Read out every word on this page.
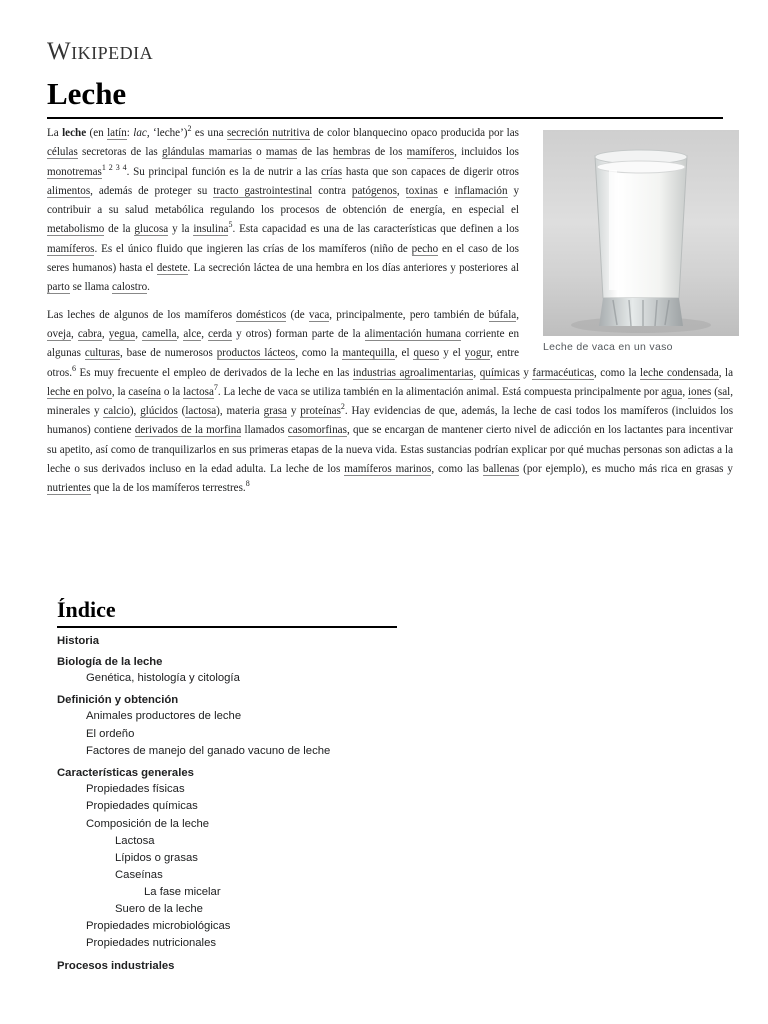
Wikipedia
Leche
Leche de vaca en un vaso

La leche (en latín: lac, ‘leche’)$^2$ es una secreción nutritiva de color blanquecino opaco producida por las células secretoras de las glándulas mamarias o mamas de las hembras de los mamíferos, incluidos los monotremas$^{1 2 3 4}$. Su principal función es la de nutrir a las crías hasta que son capaces de digerir otros alimentos, además de proteger su tracto gastrointestinal contra patógenos, toxinas e inflamación y contribuir a su salud metabólica regulando los procesos de obtención de energía, en especial el metabolismo de la glucosa y la insulina$^5$. Esta capacidad es una de las características que definen a los mamíferos. Es el único fluido que ingieren las crías de los mamíferos (niño de pecho en el caso de los seres humanos) hasta el destete. La secreción láctea de una hembra en los días anteriores y posteriores al parto se llama calostro.

Las leches de algunos de los mamíferos domésticos (de vaca, principalmente, pero también de búfala, oveja, cabra, yegua, camella, alce, cerda y otros) forman parte de la alimentación humana corriente en algunas culturas, base de numerosos productos lácteos, como la mantequilla, el queso y el yogur, entre otros.$^6$ Es muy frecuente el empleo de derivados de la leche en las industrias agroalimentarias, químicas y farmacéuticas, como la leche condensada, la leche en polvo, la caseína o la lactosa$^7$. La leche de vaca se utiliza también en la alimentación animal. Está compuesta principalmente por agua, iones (sal, minerales y calcio), glúcidos (lactosa), materia grasa y proteínas$^2$. Hay evidencias de que, además, la leche de casi todos los mamíferos (incluidos los humanos) contiene derivados de la morfina llamados casomorfinas, que se encargan de mantener cierto nivel de adicción en los lactantes para incentivar su apetito, así como de tranquilizarlos en sus primeras etapas de la nueva vida. Estas sustancias podrían explicar por qué muchas personas son adictas a la leche o sus derivados incluso en la edad adulta. La leche de los mamíferos marinos, como las ballenas (por ejemplo), es mucho más rica en grasas y nutrientes que la de los mamíferos terrestres.$^8$

Índice
Historia
Biología de la leche
Genética, histología y citología
Definición y obtención
Animales productores de leche
El ordeño
Factores de manejo del ganado vacuno de leche
Características generales
Propiedades físicas
Propiedades químicas
Composición de la leche
Lactosa
Lípidos o grasas
Caseínas
La fase micelar
Suero de la leche
Propiedades microbiológicas
Propiedades nutricionales
Procesos industriales
